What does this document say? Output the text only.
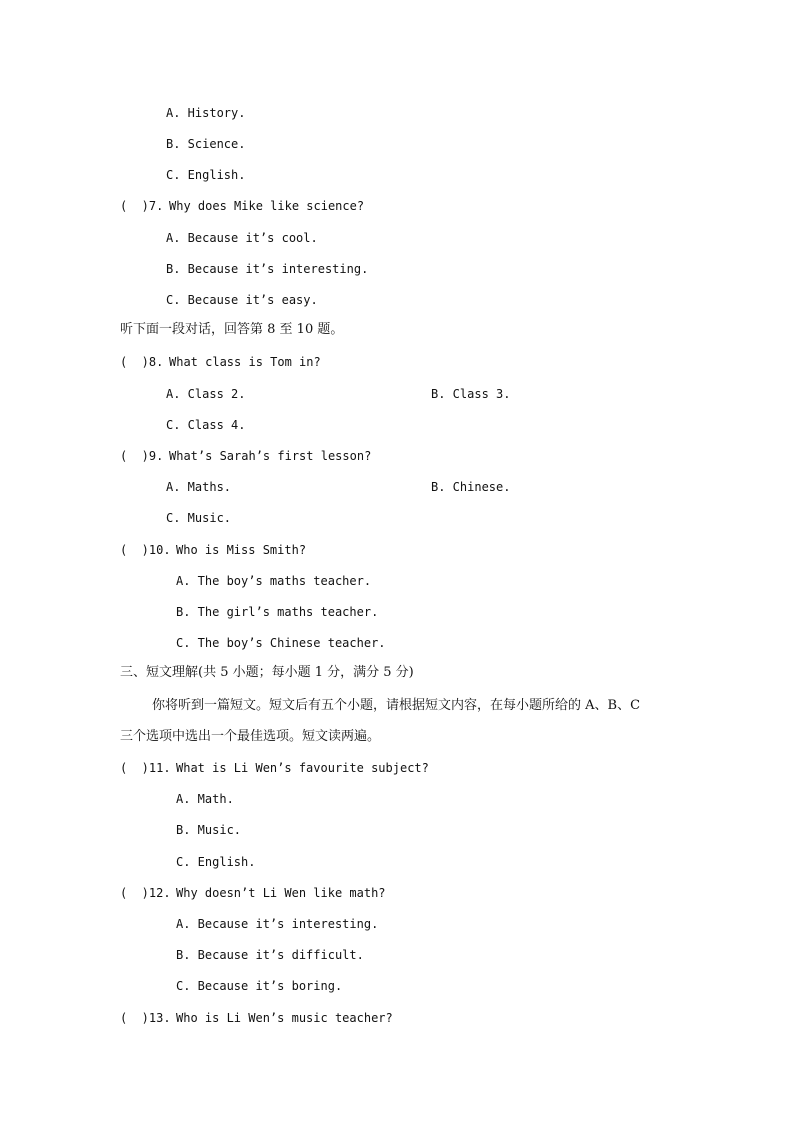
A. History.
B. Science.
C. English.
(  )7. Why does Mike like science?
A. Because it’s cool.
B. Because it’s interesting.
C. Because it’s easy.
听下面一段对话，回答第 8 至 10 题。
(  )8. What class is Tom in?
A. Class 2.	B. Class 3.
C. Class 4.
(  )9. What’s Sarah’s first lesson?
A. Maths.	B. Chinese.
C. Music.
(  )10. Who is Miss Smith?
A. The boy’s maths teacher.
B. The girl’s maths teacher.
C. The boy’s Chinese teacher.
三、短文理解(共 5 小题；每小题 1 分，满分 5 分)
你将听到一篇短文。短文后有五个小题，请根据短文内容，在每小题所给的 A、B、C
三个选项中选出一个最佳选项。短文读两遍。
(  )11. What is Li Wen’s favourite subject?
A. Math.
B. Music.
C. English.
(  )12. Why doesn’t Li Wen like math?
A. Because it’s interesting.
B. Because it’s difficult.
C. Because it’s boring.
(  )13. Who is Li Wen’s music teacher?
